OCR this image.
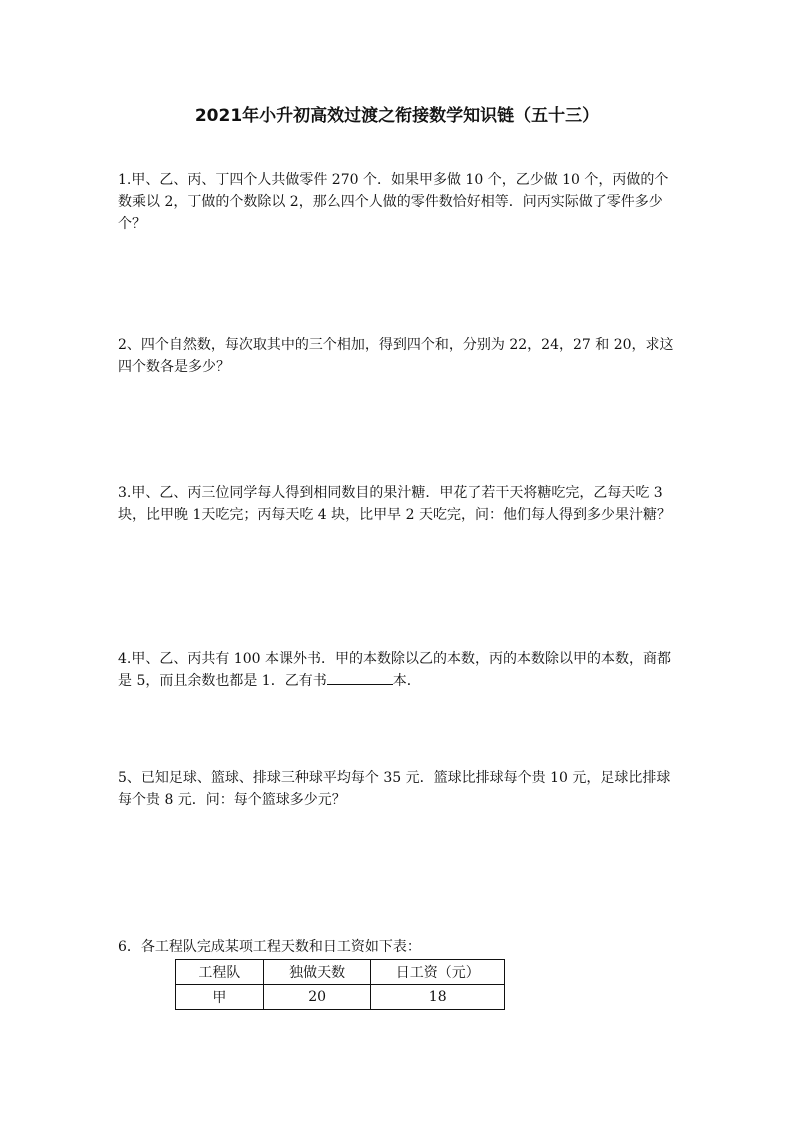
2021年小升初高效过渡之衔接数学知识链（五十三）

1.甲、乙、丙、丁四个人共做零件 270 个．如果甲多做 10 个，乙少做 10 个，丙做的个数乘以 2，丁做的个数除以 2，那么四个人做的零件数恰好相等．问丙实际做了零件多少个？

2、四个自然数，每次取其中的三个相加，得到四个和，分别为 22，24，27 和 20，求这四个数各是多少？

3.甲、乙、丙三位同学每人得到相同数目的果汁糖．甲花了若干天将糖吃完，乙每天吃 3 块，比甲晚 1天吃完；丙每天吃 4 块，比甲早 2 天吃完，问：他们每人得到多少果汁糖？

4.甲、乙、丙共有 100 本课外书．甲的本数除以乙的本数，丙的本数除以甲的本数，商都是 5，而且余数也都是 1．乙有书	本．

5、已知足球、篮球、排球三种球平均每个 35 元．篮球比排球每个贵 10 元，足球比排球每个贵 8 元．问：每个篮球多少元？

6．各工程队完成某项工程天数和日工资如下表：

工程队	独做天数	日工资（元）
甲	20	18
